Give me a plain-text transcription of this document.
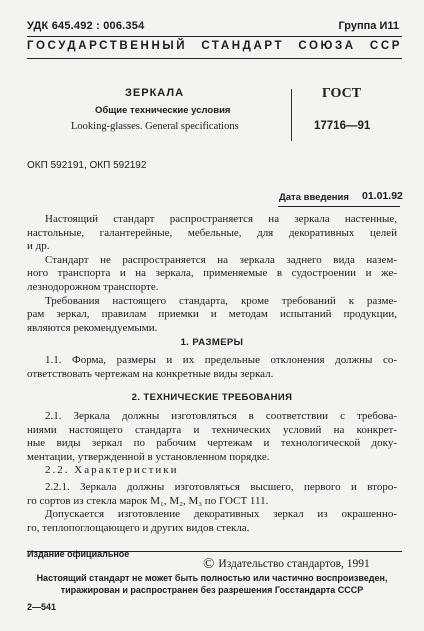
УДК 645.492 : 006.354	Группа И11
ГОСУДАРСТВЕННЫЙ СТАНДАРТ СОЮЗА ССР
ЗЕРКАЛА
Общие технические условия
Looking-glasses. General specifications
ГОСТ
17716—91
ОКП 592191, ОКП 592192
Дата введения 01.01.92
Настоящий стандарт распространяется на зеркала настенные,
настольные, галантерейные, мебельные, для декоративных целей
и др.
Стандарт не распространяется на зеркала заднего вида назем-
ного транспорта и на зеркала, применяемые в судостроении и же-
лезнодорожном транспорте.
Требования настоящего стандарта, кроме требований к разме-
рам зеркал, правилам приемки и методам испытаний продукции,
являются рекомендуемыми.
1. РАЗМЕРЫ
1.1. Форма, размеры и их предельные отклонения должны со-
ответствовать чертежам на конкретные виды зеркал.
2. ТЕХНИЧЕСКИЕ ТРЕБОВАНИЯ
2.1. Зеркала должны изготовляться в соответствии с требова-
ниями настоящего стандарта и технических условий на конкрет-
ные виды зеркал по рабочим чертежам и технологической доку-
ментации, утвержденной в установленном порядке.
2.2. Характеристики
2.2.1. Зеркала должны изготовляться высшего, первого и второ-
го сортов из стекла марок М₁, М₂, М₃ по ГОСТ 111.
Допускается изготовление декоративных зеркал из окрашенно-
го, теплопоглощающего и других видов стекла.
Издание официальное
© Издательство стандартов, 1991
Настоящий стандарт не может быть полностью или частично воспроизведен,
тиражирован и распространен без разрешения Госстандарта СССР
2—541
